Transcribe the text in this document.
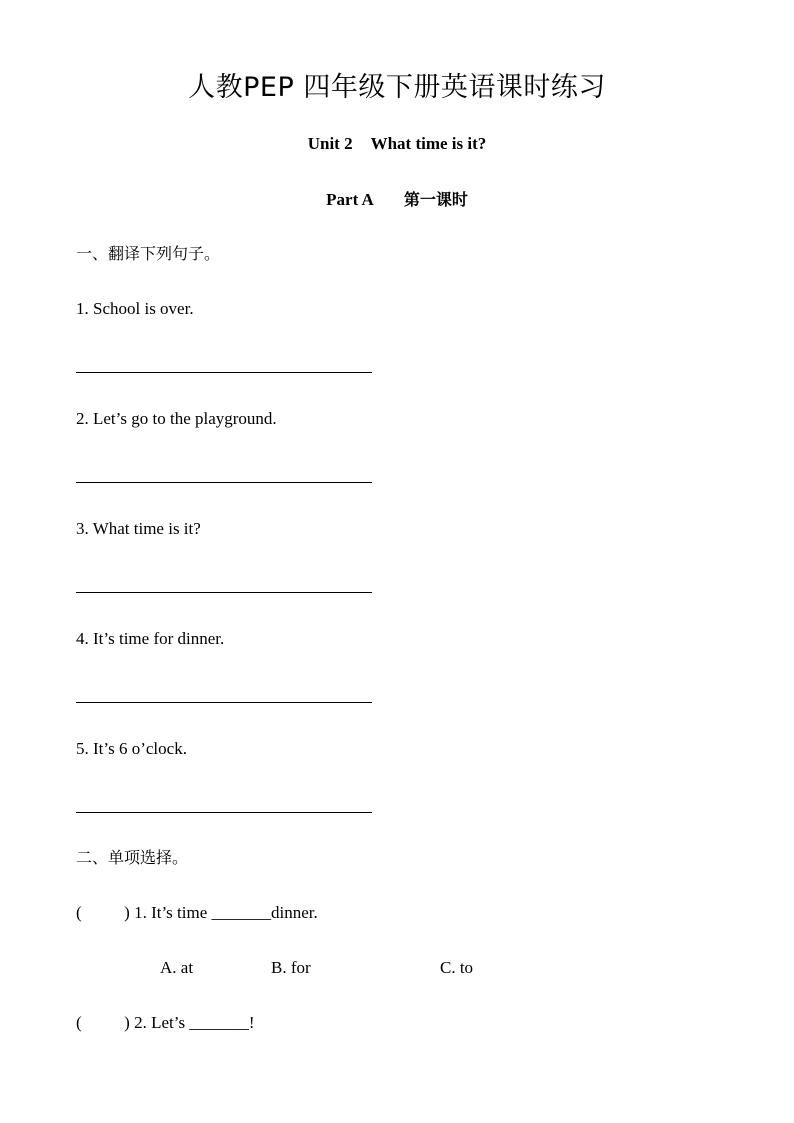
人教PEP 四年级下册英语课时练习
Unit 2 What time is it?
Part A 第一课时
一、翻译下列句子。
1. School is over.
2. Let’s go to the playground.
3. What time is it?
4. It’s time for dinner.
5. It’s 6 o’clock.
二、单项选择。
(          ) 1. It’s time _______dinner.
A. at	B. for	C. to
(          ) 2. Let’s _______!
